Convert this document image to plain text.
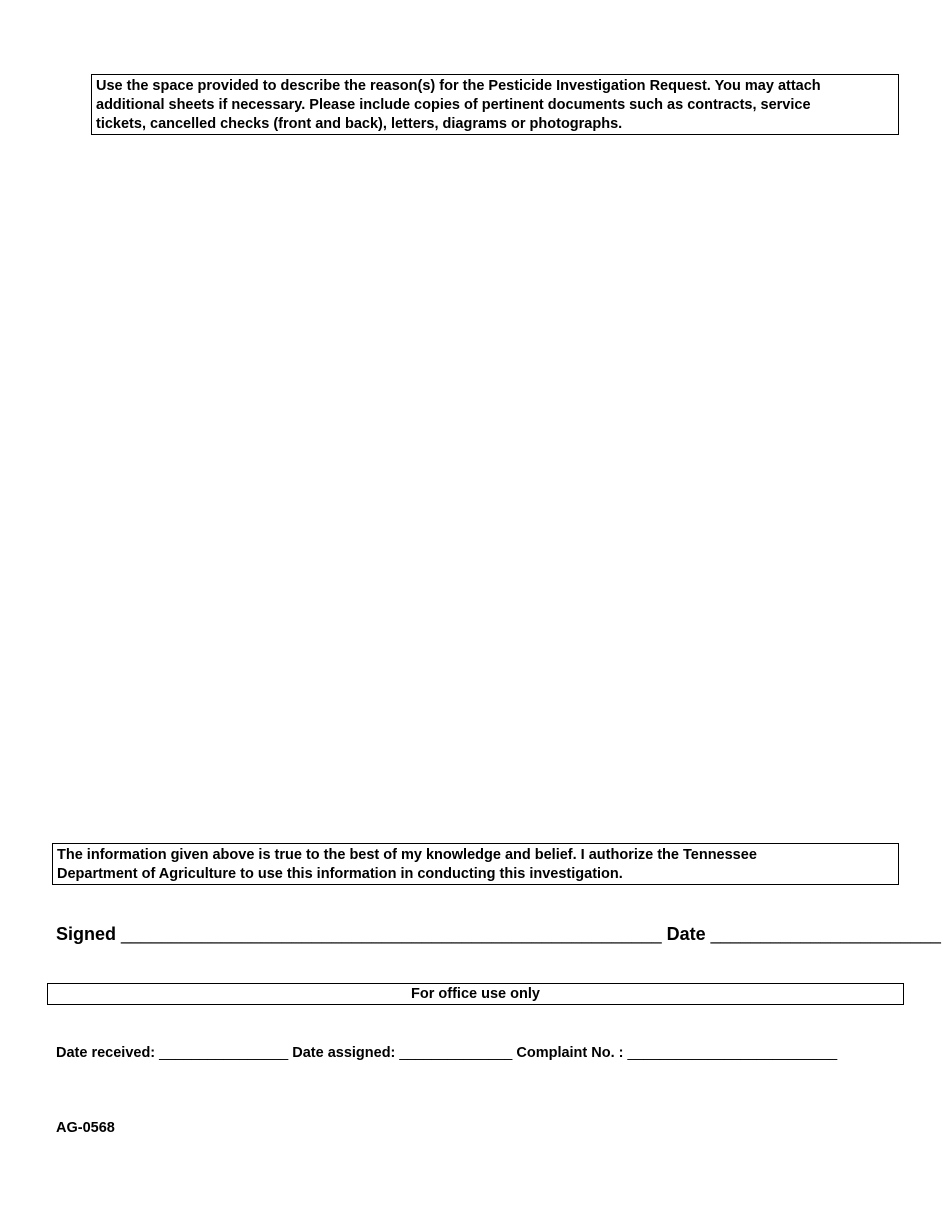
Use the space provided to describe the reason(s) for the Pesticide Investigation Request. You may attach
additional sheets if necessary. Please include copies of pertinent documents such as contracts, service
tickets, cancelled checks (front and back), letters, diagrams or photographs.
The information given above is true to the best of my knowledge and belief. I authorize the Tennessee
Department of Agriculture to use this information in conducting this investigation.
Signed ______________________________________________________ Date _______________________
For office use only
Date received: ________________ Date assigned: ______________ Complaint No. : __________________________
AG-0568
